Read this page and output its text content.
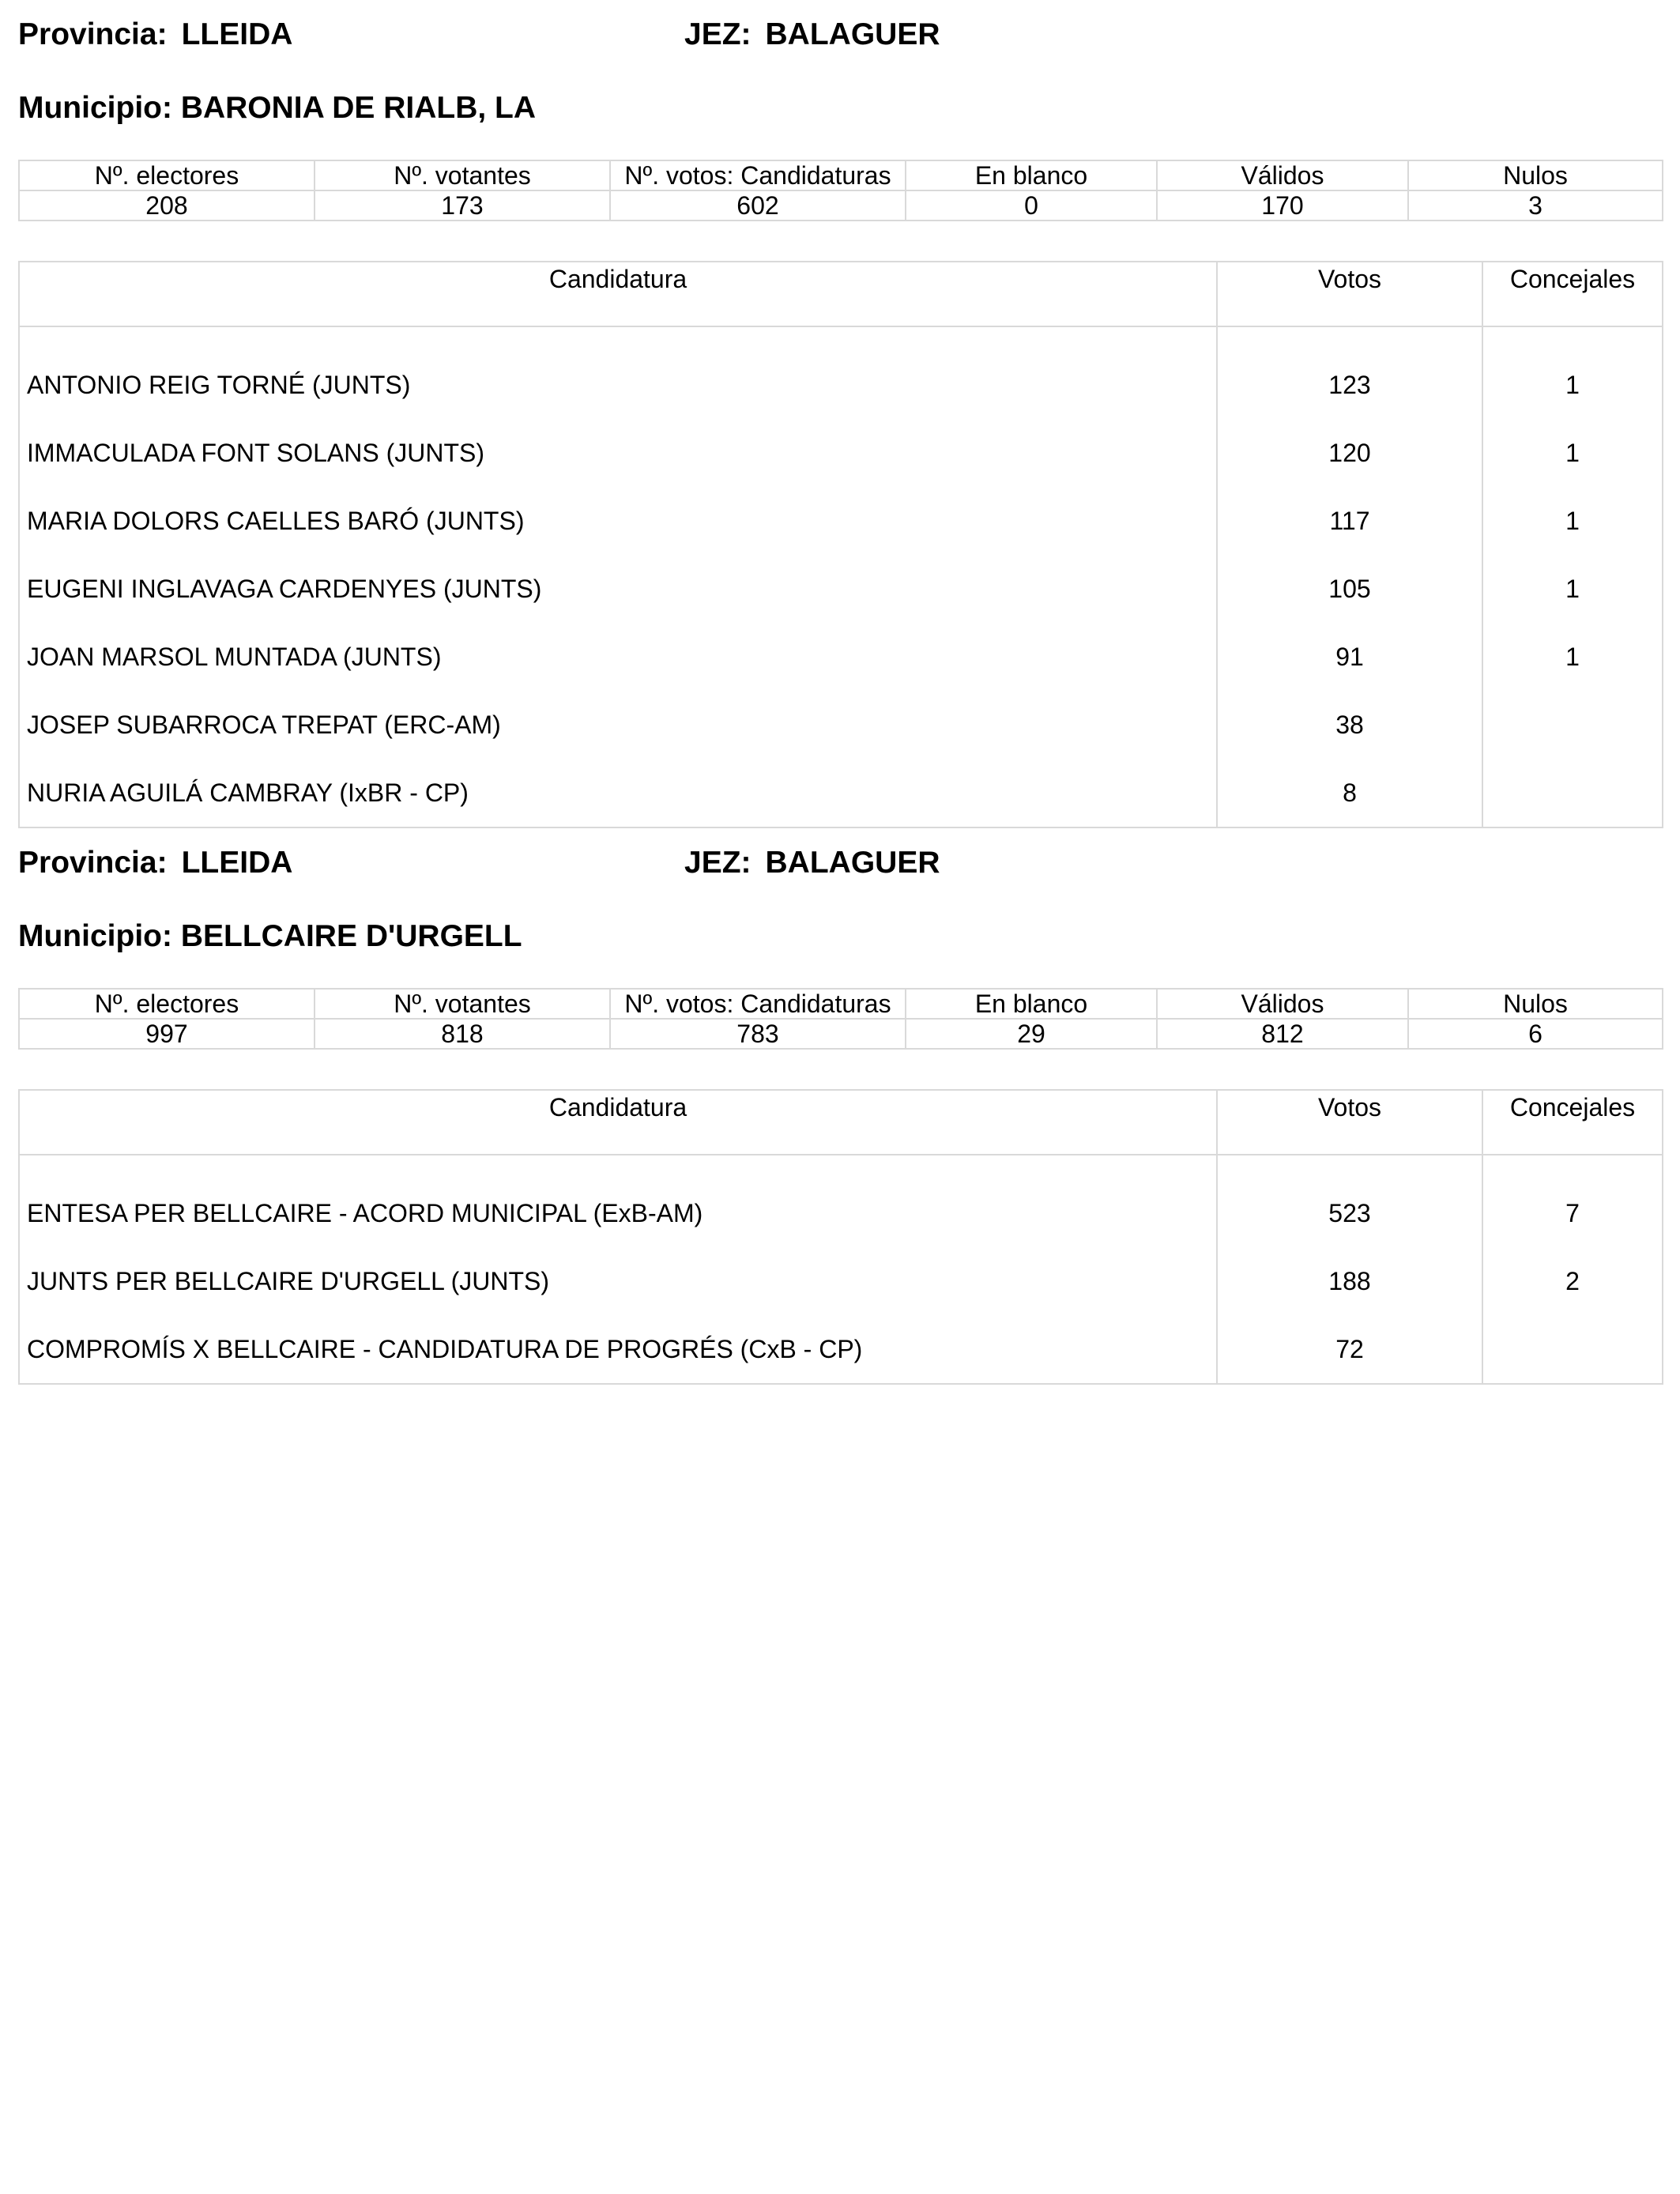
Provincia: LLEIDA	JEZ: BALAGUER
Municipio: BARONIA DE RIALB, LA
Nº. electores	Nº. votantes	Nº. votos: Candidaturas	En blanco	Válidos	Nulos
208	173	602	0	170	3
Candidatura	Votos	Concejales

ANTONIO REIG TORNÉ (JUNTS)	123	1
IMMACULADA FONT SOLANS (JUNTS)	120	1
MARIA DOLORS CAELLES BARÓ (JUNTS)	117	1
EUGENI INGLAVAGA CARDENYES (JUNTS)	105	1
JOAN MARSOL MUNTADA (JUNTS)	91	1
JOSEP SUBARROCA TREPAT (ERC-AM)	38	
NURIA AGUILÁ CAMBRAY (IxBR - CP)	8	
Provincia: LLEIDA	JEZ: BALAGUER
Municipio: BELLCAIRE D'URGELL
Nº. electores	Nº. votantes	Nº. votos: Candidaturas	En blanco	Válidos	Nulos
997	818	783	29	812	6
Candidatura	Votos	Concejales

ENTESA PER BELLCAIRE - ACORD MUNICIPAL (ExB-AM)	523	7
JUNTS PER BELLCAIRE D'URGELL (JUNTS)	188	2
COMPROMÍS X BELLCAIRE - CANDIDATURA DE PROGRÉS (CxB - CP)	72	
